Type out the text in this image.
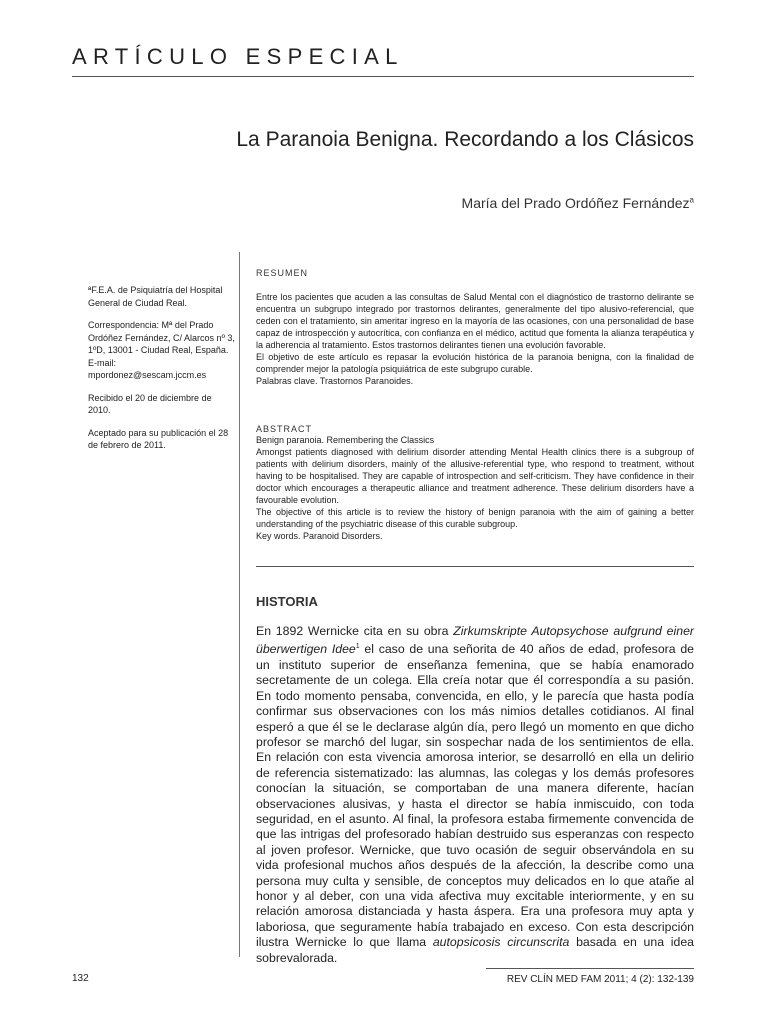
ARTÍCULO ESPECIAL
La Paranoia Benigna. Recordando a los Clásicos
María del Prado Ordóñez Fernández$^a$

ªF.E.A. de Psiquiatría del Hospital General de Ciudad Real.

Correspondencia: Mª del Prado Ordóñez Fernández, C/ Alarcos nº 3, 1ºD, 13001 - Ciudad Real, España. E-mail: mpordonez@sescam.jccm.es

Recibido el 20 de diciembre de 2010.

Aceptado para su publicación el 28 de febrero de 2011.

RESUMEN

Entre los pacientes que acuden a las consultas de Salud Mental con el diagnóstico de trastorno delirante se encuentra un subgrupo integrado por trastornos delirantes, generalmente del tipo alusivo-referencial, que ceden con el tratamiento, sin ameritar ingreso en la mayoría de las ocasiones, con una personalidad de base capaz de introspección y autocrítica, con confianza en el médico, actitud que fomenta la alianza terapéutica y la adherencia al tratamiento. Estos trastornos delirantes tienen una evolución favorable.

El objetivo de este artículo es repasar la evolución histórica de la paranoia benigna, con la finalidad de comprender mejor la patología psiquiátrica de este subgrupo curable.

Palabras clave. Trastornos Paranoides.

ABSTRACT

Benign paranoia. Remembering the Classics

Amongst patients diagnosed with delirium disorder attending Mental Health clinics there is a subgroup of patients with delirium disorders, mainly of the allusive-referential type, who respond to treatment, without having to be hospitalised. They are capable of introspection and self-criticism. They have confidence in their doctor which encourages a therapeutic alliance and treatment adherence. These delirium disorders have a favourable evolution.

The objective of this article is to review the history of benign paranoia with the aim of gaining a better understanding of the psychiatric disease of this curable subgroup.

Key words. Paranoid Disorders.

HISTORIA

En 1892 Wernicke cita en su obra Zirkumskripte Autopsychose aufgrund einer überwertigen Idee$^1$ el caso de una señorita de 40 años de edad, profesora de un instituto superior de enseñanza femenina, que se había enamorado secretamente de un colega. Ella creía notar que él correspondía a su pasión. En todo momento pensaba, convencida, en ello, y le parecía que hasta podía confirmar sus observaciones con los más nimios detalles cotidianos. Al final esperó a que él se le declarase algún día, pero llegó un momento en que dicho profesor se marchó del lugar, sin sospechar nada de los sentimientos de ella. En relación con esta vivencia amorosa interior, se desarrolló en ella un delirio de referencia sistematizado: las alumnas, las colegas y los demás profesores conocían la situación, se comportaban de una manera diferente, hacían observaciones alusivas, y hasta el director se había inmiscuido, con toda seguridad, en el asunto. Al final, la profesora estaba firmemente convencida de que las intrigas del profesorado habían destruido sus esperanzas con respecto al joven profesor. Wernicke, que tuvo ocasión de seguir observándola en su vida profesional muchos años después de la afección, la describe como una persona muy culta y sensible, de conceptos muy delicados en lo que atañe al honor y al deber, con una vida afectiva muy excitable interiormente, y en su relación amorosa distanciada y hasta áspera. Era una profesora muy apta y laboriosa, que seguramente había trabajado en exceso. Con esta descripción ilustra Wernicke lo que llama autopsicosis circunscrita basada en una idea sobrevalorada.

132	REV CLÍN MED FAM 2011; 4 (2): 132-139
